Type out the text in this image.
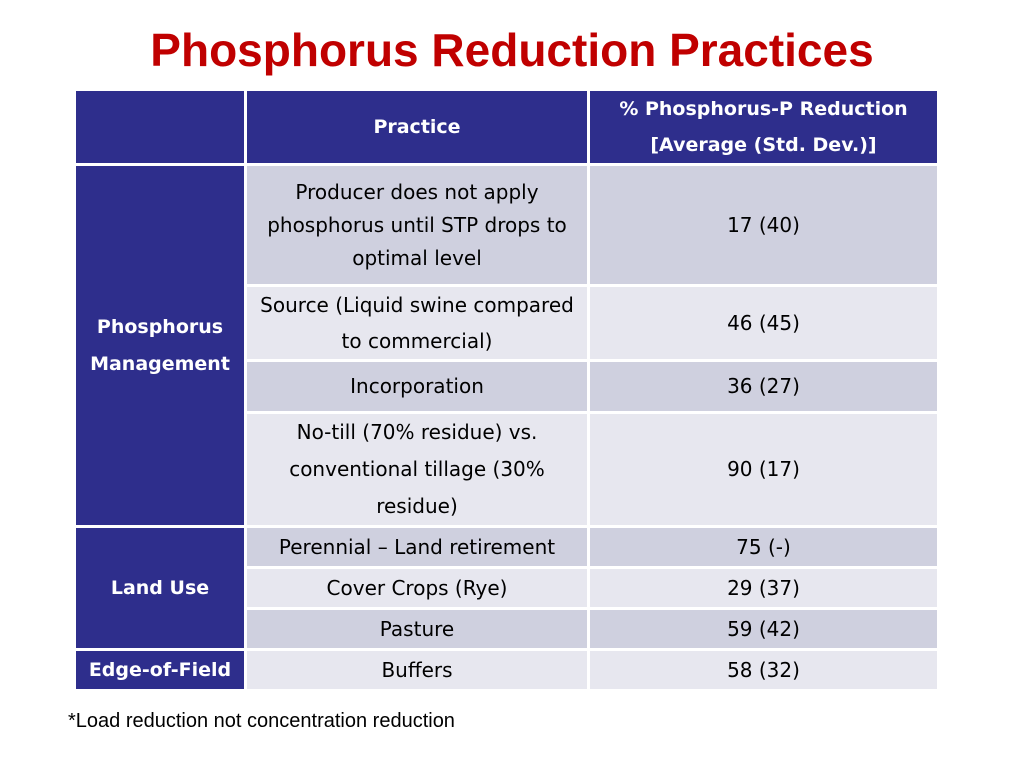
Phosphorus Reduction Practices
	Practice	% Phosphorus-P Reduction
[Average (Std. Dev.)]
Phosphorus
Management	Producer does not apply phosphorus until STP drops to optimal level	17 (40)
	Source (Liquid swine compared to commercial)	46 (45)
	Incorporation	36 (27)
	No-till (70% residue) vs. conventional tillage (30% residue)	90 (17)
Land Use	Perennial – Land retirement	75 (-)
	Cover Crops (Rye)	29 (37)
	Pasture	59 (42)
Edge-of-Field	Buffers	58 (32)
*Load reduction not concentration reduction
